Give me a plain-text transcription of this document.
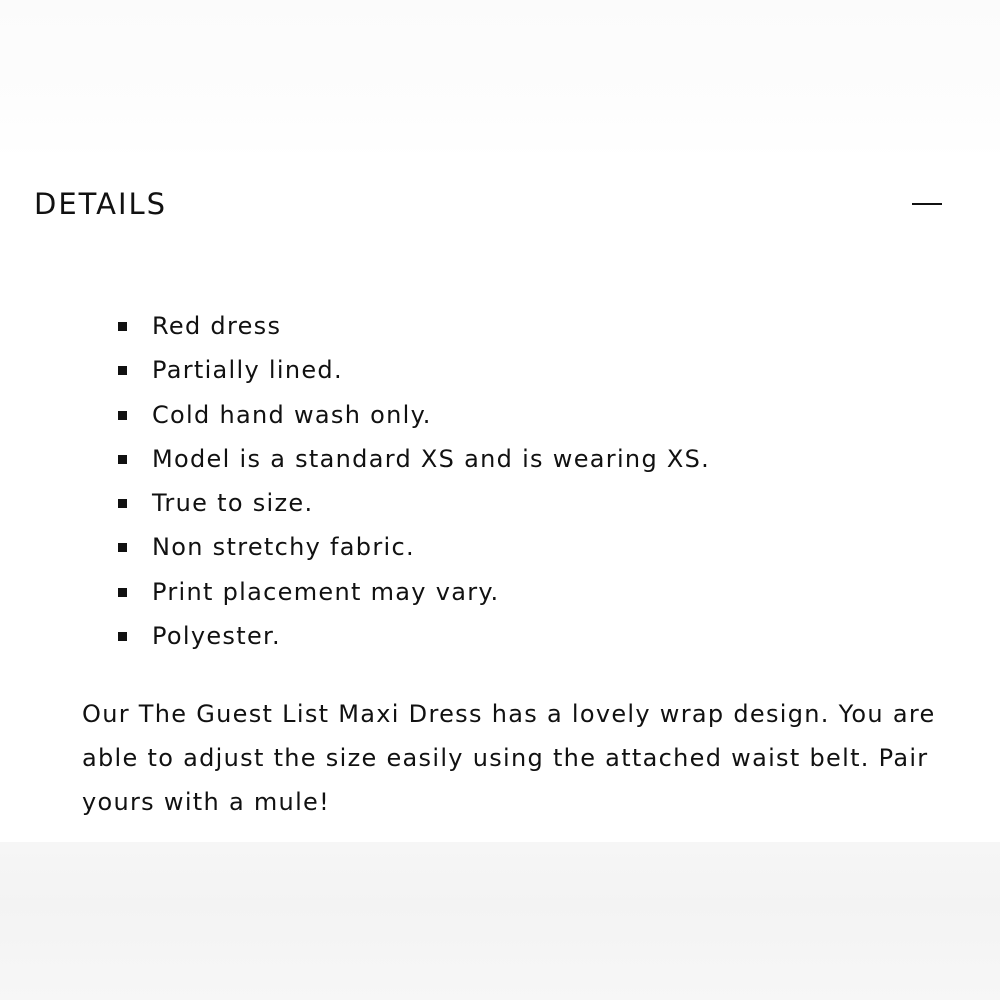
DETAILS
Red dress
Partially lined.
Cold hand wash only.
Model is a standard XS and is wearing XS.
True to size.
Non stretchy fabric.
Print placement may vary.
Polyester.

Our The Guest List Maxi Dress has a lovely wrap design. You are able to adjust the size easily using the attached waist belt. Pair yours with a mule!
